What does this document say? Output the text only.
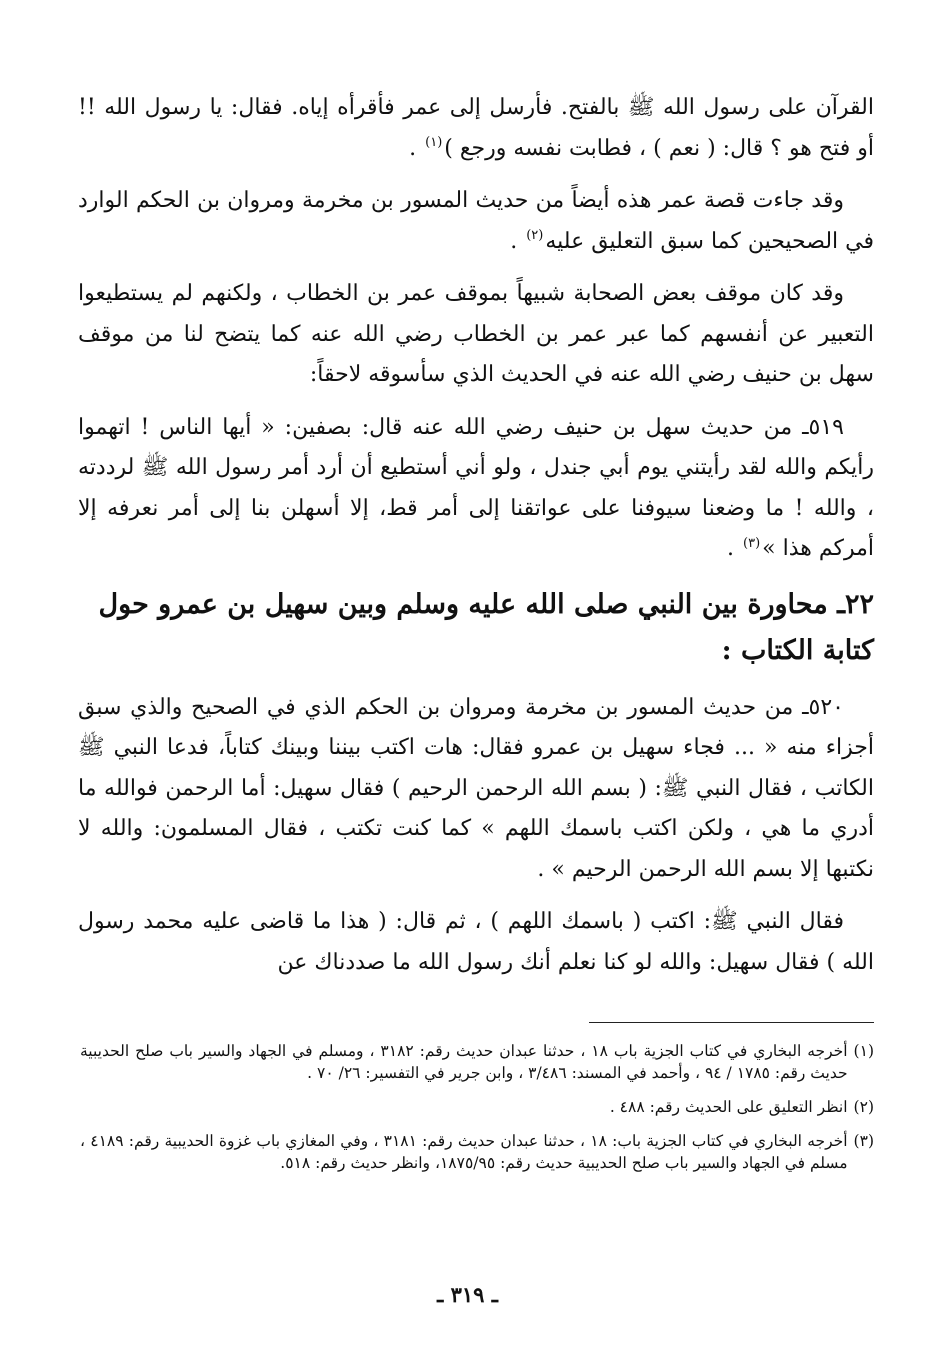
القرآن على رسول الله ﷺ بالفتح. فأرسل إلى عمر فأقرأه إياه. فقال: يا رسول الله !! أو فتح هو ؟ قال: ( نعم ) ، فطابت نفسه ورجع )$^{(١)}$ .

وقد جاءت قصة عمر هذه أيضاً من حديث المسور بن مخرمة ومروان بن الحكم الوارد في الصحيحين كما سبق التعليق عليه$^{(٢)}$ .

وقد كان موقف بعض الصحابة شبيهاً بموقف عمر بن الخطاب ، ولكنهم لم يستطيعوا التعبير عن أنفسهم كما عبر عمر بن الخطاب رضي الله عنه كما يتضح لنا من موقف سهل بن حنيف رضي الله عنه في الحديث الذي سأسوقه لاحقاً:

٥١٩ـ من حديث سهل بن حنيف رضي الله عنه قال: بصفين: « أيها الناس ! اتهموا رأيكم والله لقد رأيتني يوم أبي جندل ، ولو أني أستطيع أن أرد أمر رسول الله ﷺ لرددته ، والله ! ما وضعنا سيوفنا على عواتقنا إلى أمر قط، إلا أسهلن بنا إلى أمر نعرفه إلا أمركم هذا »$^{(٣)}$ .

٢٢ـ محاورة بين النبي صلى الله عليه وسلم وبين سهيل بن عمرو حول كتابة الكتاب :

٥٢٠ـ من حديث المسور بن مخرمة ومروان بن الحكم الذي في الصحيح والذي سبق أجزاء منه « ... فجاء سهيل بن عمرو فقال: هات اكتب بيننا وبينك كتاباً، فدعا النبي ﷺ الكاتب ، فقال النبي ﷺ: ( بسم الله الرحمن الرحيم ) فقال سهيل: أما الرحمن فوالله ما أدري ما هي ، ولكن اكتب باسمك اللهم » كما كنت تكتب ، فقال المسلمون: والله لا نكتبها إلا بسم الله الرحمن الرحيم » .

فقال النبي ﷺ: اكتب ( باسمك اللهم ) ، ثم قال: ( هذا ما قاضى عليه محمد رسول الله ) فقال سهيل: والله لو كنا نعلم أنك رسول الله ما صددناك عن

(١)
أخرجه البخاري في كتاب الجزية باب ١٨ ، حدثنا عبدان حديث رقم: ٣١٨٢ ، ومسلم في الجهاد والسير باب صلح الحديبية حديث رقم: ١٧٨٥ / ٩٤ ، وأحمد في المسند: ٣/٤٨٦ ، وابن جرير في التفسير: ٢٦/ ٧٠ .
(٢)
انظر التعليق على الحديث رقم: ٤٨٨ .
(٣)
أخرجه البخاري في كتاب الجزية باب: ١٨ ، حدثنا عبدان حديث رقم: ٣١٨١ ، وفي المغازي باب غزوة الحديبية رقم: ٤١٨٩ ، مسلم في الجهاد والسير باب صلح الحديبية حديث رقم: ١٨٧٥/٩٥، وانظر حديث رقم: ٥١٨.
ـ ٣١٩ ـ
